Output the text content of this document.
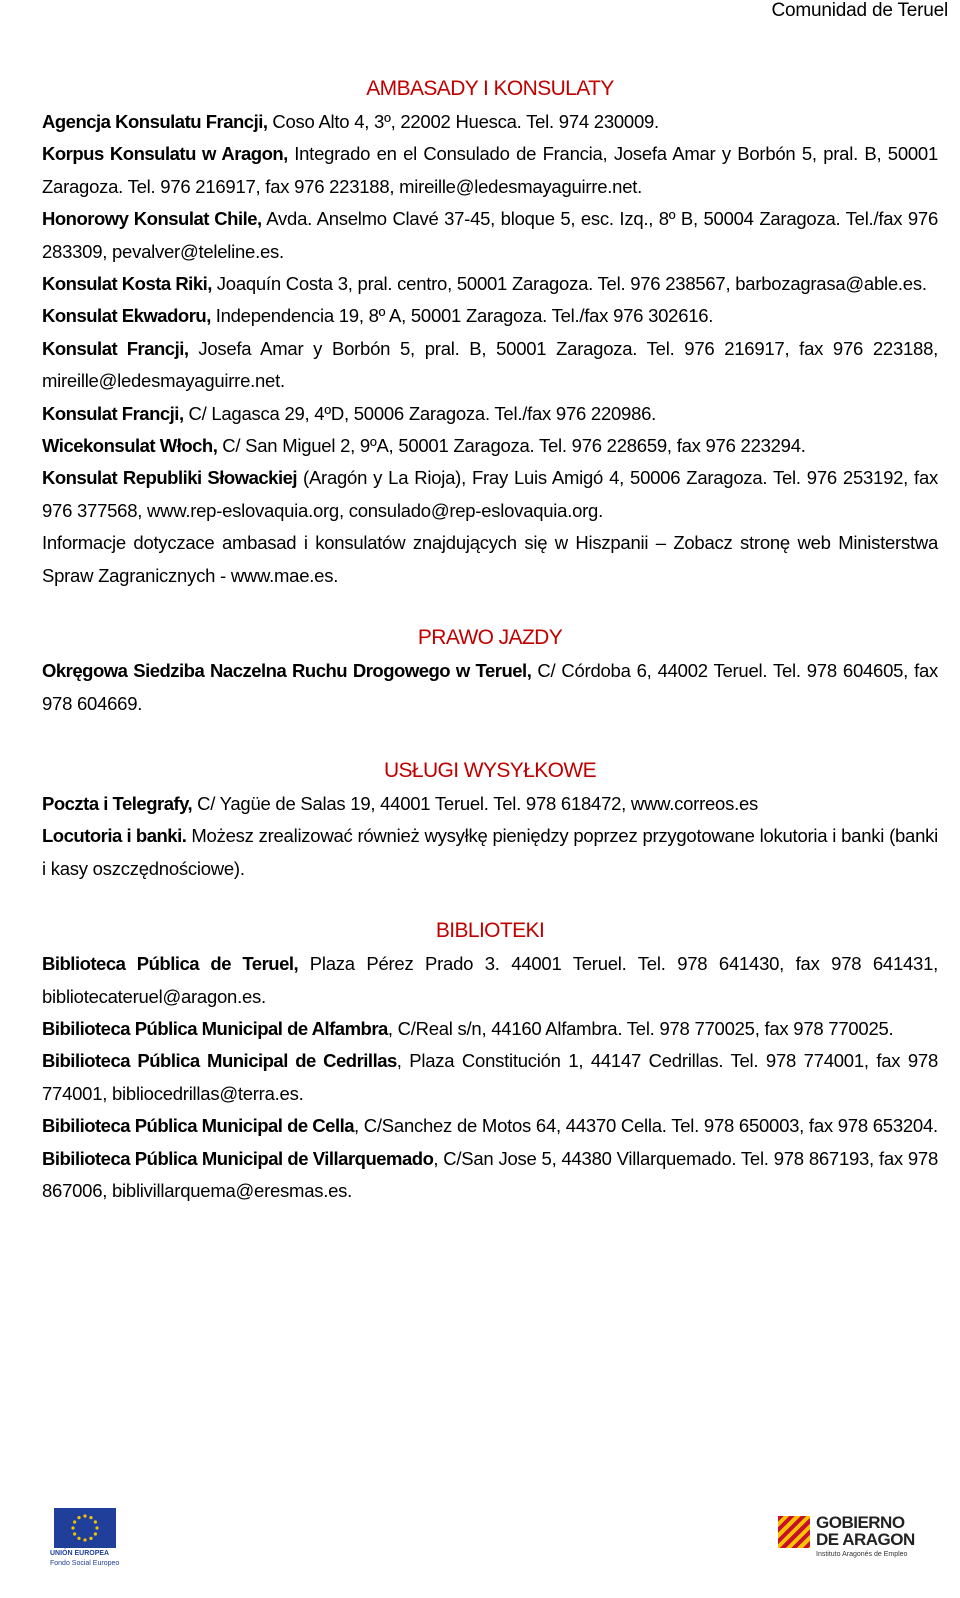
Comunidad de Teruel
AMBASADY I KONSULATY

Agencja Konsulatu Francji, Coso Alto 4, 3º, 22002 Huesca. Tel. 974 230009.

Korpus Konsulatu w Aragon, Integrado en el Consulado de Francia, Josefa Amar y Borbón 5, pral. B, 50001 Zaragoza. Tel. 976 216917, fax 976 223188, mireille@ledesmayaguirre.net.

Honorowy Konsulat Chile, Avda. Anselmo Clavé 37-45, bloque 5, esc. Izq., 8º B, 50004 Zaragoza. Tel./fax 976 283309, pevalver@teleline.es.

Konsulat Kosta Riki, Joaquín Costa 3, pral. centro, 50001 Zaragoza. Tel. 976 238567, barbozagrasa@able.es.

Konsulat Ekwadoru, Independencia 19, 8º A, 50001 Zaragoza. Tel./fax 976 302616.

Konsulat Francji, Josefa Amar y Borbón 5, pral. B, 50001 Zaragoza. Tel. 976 216917, fax 976 223188, mireille@ledesmayaguirre.net.

Konsulat Francji, C/ Lagasca 29, 4ºD, 50006 Zaragoza. Tel./fax 976 220986.

Wicekonsulat Włoch, C/ San Miguel 2, 9ºA, 50001 Zaragoza. Tel. 976 228659, fax 976 223294.

Konsulat Republiki Słowackiej (Aragón y La Rioja), Fray Luis Amigó 4, 50006 Zaragoza. Tel. 976 253192, fax 976 377568, www.rep-eslovaquia.org, consulado@rep-eslovaquia.org.

Informacje dotyczace ambasad i konsulatów znajdujących się w Hiszpanii – Zobacz stronę web Ministerstwa Spraw Zagranicznych - www.mae.es.

PRAWO JAZDY

Okręgowa Siedziba Naczelna Ruchu Drogowego w Teruel, C/ Córdoba 6, 44002 Teruel. Tel. 978 604605, fax 978 604669.

USŁUGI WYSYŁKOWE

Poczta i Telegrafy, C/ Yagüe de Salas 19, 44001 Teruel. Tel. 978 618472, www.correos.es

Locutoria i banki. Możesz zrealizować również wysyłkę pieniędzy poprzez przygotowane lokutoria i banki (banki i kasy oszczędnościowe).

BIBLIOTEKI

Biblioteca Pública de Teruel, Plaza Pérez Prado 3. 44001 Teruel. Tel. 978 641430, fax 978 641431, bibliotecateruel@aragon.es.

Bibilioteca Pública Municipal de Alfambra, C/Real s/n, 44160 Alfambra. Tel. 978 770025, fax 978 770025.

Bibilioteca Pública Municipal de Cedrillas, Plaza Constitución 1, 44147 Cedrillas. Tel. 978 774001, fax 978 774001, bibliocedrillas@terra.es.

Bibilioteca Pública Municipal de Cella, C/Sanchez de Motos 64, 44370 Cella. Tel. 978 650003, fax 978 653204.

Bibilioteca Pública Municipal de Villarquemado, C/San Jose 5, 44380 Villarquemado. Tel. 978 867193, fax 978 867006, biblivillarquema@eresmas.es.

UNIÓN EUROPEA
Fondo Social Europeo
GOBIERNO
DE ARAGON
Instituto Aragonés de Empleo
